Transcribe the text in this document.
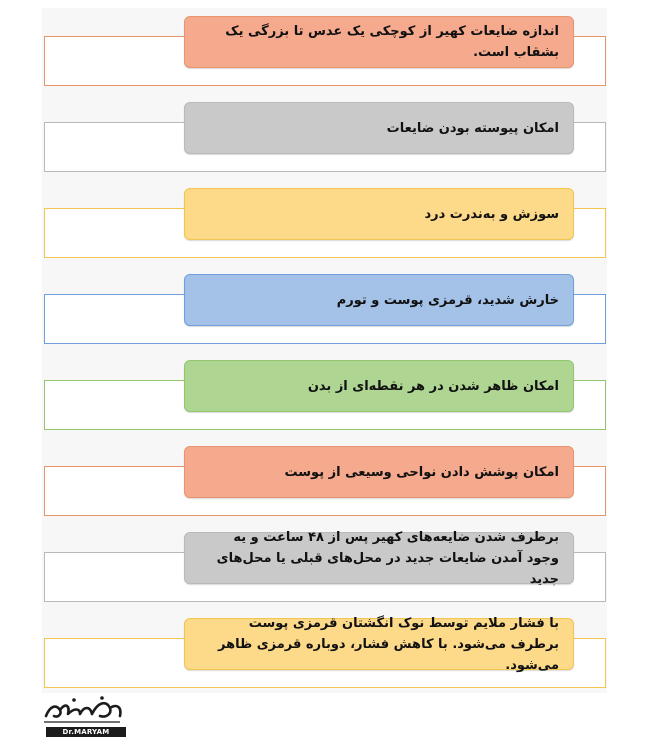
اندازه ضایعات کهیر از کوچکی یک عدس تا بزرگی یک بشقاب است.
امکان پیوسته بودن ضایعات
سوزش و به‌ندرت درد
خارش شدید، قرمزی پوست و تورم
امکان ظاهر شدن در هر نقطه‌ای از بدن
امکان پوشش دادن نواحی وسیعی از پوست
برطرف شدن ضایعه‌های کهیر پس از ۴۸ ساعت و یه وجود آمدن ضایعات جدید در محل‌های قبلی یا محل‌های جدید
با فشار ملایم توسط نوک انگشتان قرمزی پوست برطرف می‌شود. با کاهش فشار، دوباره قرمزی ظاهر می‌شود.
Dr.MARYAM MALEKI
